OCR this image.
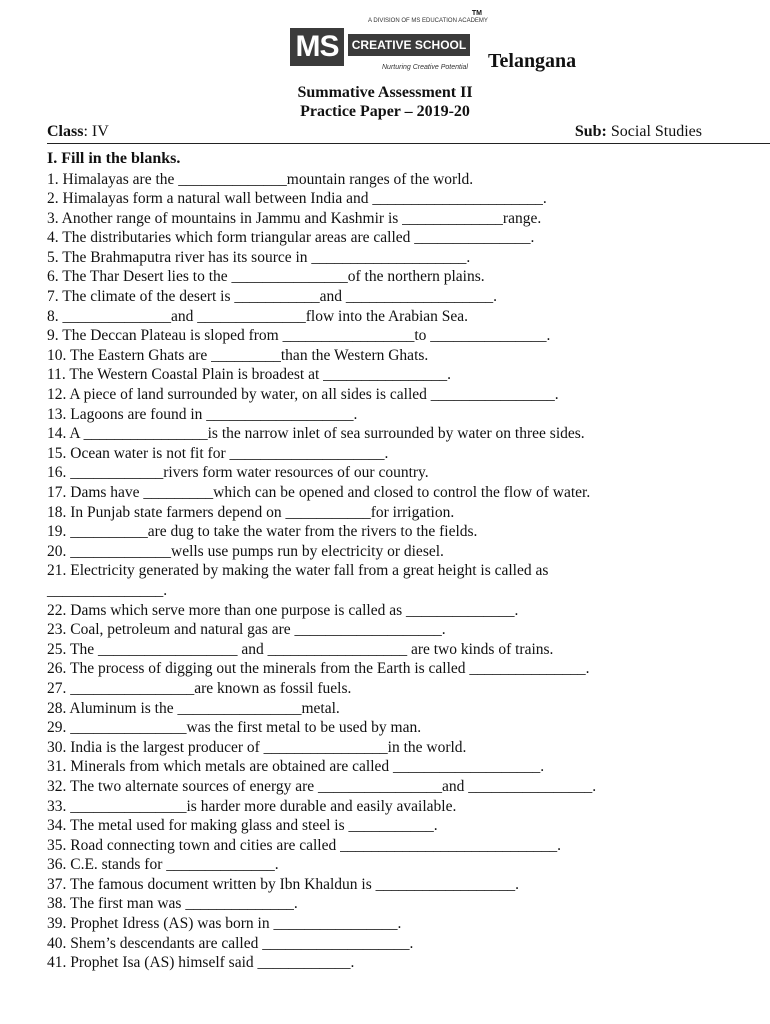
TM
A DIVISION OF MS EDUCATION ACADEMY
MS	CREATIVE SCHOOL
Nurturing Creative Potential Telangana
Summative Assessment II
Practice Paper – 2019-20
Class: IV	Sub: Social Studies
I. Fill in the blanks.
1. Himalayas are the ______________mountain ranges of the world.
2. Himalayas form a natural wall between India and ______________________.
3. Another range of mountains in Jammu and Kashmir is _____________range.
4. The distributaries which form triangular areas are called _______________.
5. The Brahmaputra river has its source in ____________________.
6. The Thar Desert lies to the _______________of the northern plains.
7. The climate of the desert is ___________and ___________________.
8. ______________and ______________flow into the Arabian Sea.
9. The Deccan Plateau is sloped from _________________to _______________.
10. The Eastern Ghats are _________than the Western Ghats.
11. The Western Coastal Plain is broadest at ________________.
12. A piece of land surrounded by water, on all sides is called ________________.
13. Lagoons are found in ___________________.
14. A ________________is the narrow inlet of sea surrounded by water on three sides.
15. Ocean water is not fit for ____________________.
16. ____________rivers form water resources of our country.
17. Dams have _________which can be opened and closed to control the flow of water.
18. In Punjab state farmers depend on ___________for irrigation.
19. __________are dug to take the water from the rivers to the fields.
20. _____________wells use pumps run by electricity or diesel.
21. Electricity generated by making the water fall from a great height is called as
_______________.
22. Dams which serve more than one purpose is called as ______________.
23. Coal, petroleum and natural gas are ___________________.
25. The __________________ and __________________ are two kinds of trains.
26. The process of digging out the minerals from the Earth is called _______________.
27. ________________are known as fossil fuels.
28. Aluminum is the ________________metal.
29. _______________was the first metal to be used by man.
30. India is the largest producer of ________________in the world.
31. Minerals from which metals are obtained are called ___________________.
32. The two alternate sources of energy are ________________and ________________.
33. _______________is harder more durable and easily available.
34. The metal used for making glass and steel is ___________.
35. Road connecting town and cities are called ____________________________.
36. C.E. stands for ______________.
37. The famous document written by Ibn Khaldun is __________________.
38. The first man was ______________.
39. Prophet Idress (AS) was born in ________________.
40. Shem’s descendants are called ___________________.
41. Prophet Isa (AS) himself said ____________.
